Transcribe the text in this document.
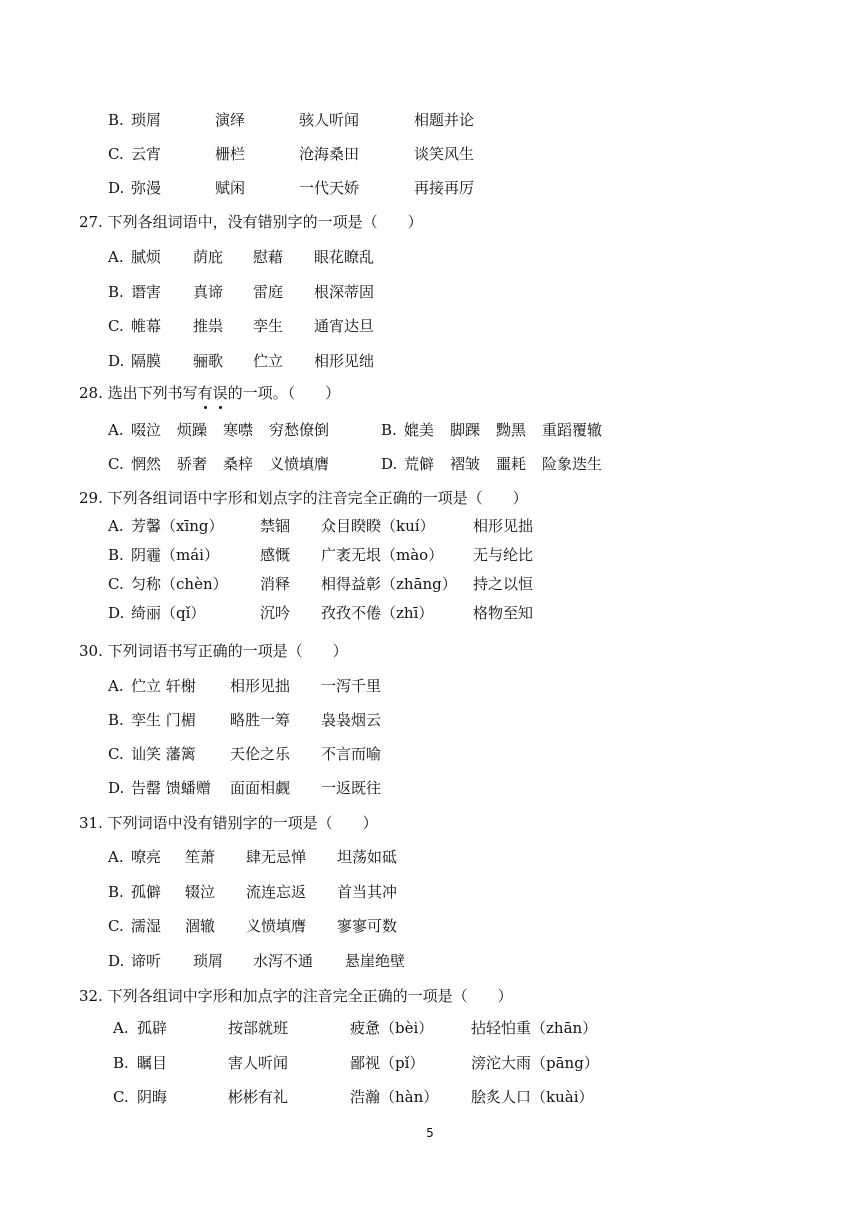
B. 琐屑	演绎	骇人听闻	相题并论
C. 云宵	栅栏	沧海桑田	谈笑风生
D. 弥漫	赋闲	一代天娇	再接再厉
27. 下列各组词语中，没有错别字的一项是（　　）
A. 腻烦 荫庇 慰藉 眼花瞭乱
B. 谮害 真谛 雷庭 根深蒂固
C. 帷幕 推祟 孪生 通宵达旦
D. 隔膜 骊歌 伫立 相形见绌
28. 选出下列书写有误的一项。（　　）
A. 啜泣 烦躁 寒噤 穷愁僚倒	B. 媲美 脚踝 黝黑 重蹈覆辙
C. 惘然 骄奢 桑梓 义愤填膺	D. 荒僻 褶皱 噩耗 险象迭生
29. 下列各组词语中字形和划点字的注音完全正确的一项是（　　）
A. 芳馨（xīng） 禁锢 众目睽睽（kuí）	相形见拙
B. 阴霾（mái）	感慨 广袤无垠（mào） 无与纶比
C. 匀称（chèn） 消释 相得益彰（zhāng） 持之以恒
D. 绮丽（qǐ）	沉吟 孜孜不倦（zhī）	格物至知
30. 下列词语书写正确的一项是（　　）
A. 伫立 轩榭 相形见拙 一泻千里
B. 孪生 门楣 略胜一筹 袅袅烟云
C. 讪笑 藩篱 天伦之乐 不言而喻
D. 告罄 馈蟠赠 面面相觑 一返既往
31. 下列词语中没有错别字的一项是（　　）
A. 嘹亮 笙萧 肆无忌惮 坦荡如砥
B. 孤僻 辍泣 流连忘返 首当其冲
C. 濡湿 涸辙 义愤填膺 寥寥可数
D. 谛听 琐屑 水泻不通 悬崖绝壁
32. 下列各组词中字形和加点字的注音完全正确的一项是（　　）
A. 孤辟	按部就班	疲惫（bèi）	拈轻怕重（zhān）
B. 瞩目	害人听闻	鄙视（pǐ）	滂沱大雨（pāng）
C. 阴晦	彬彬有礼	浩瀚（hàn） 脍炙人口（kuài）
5
